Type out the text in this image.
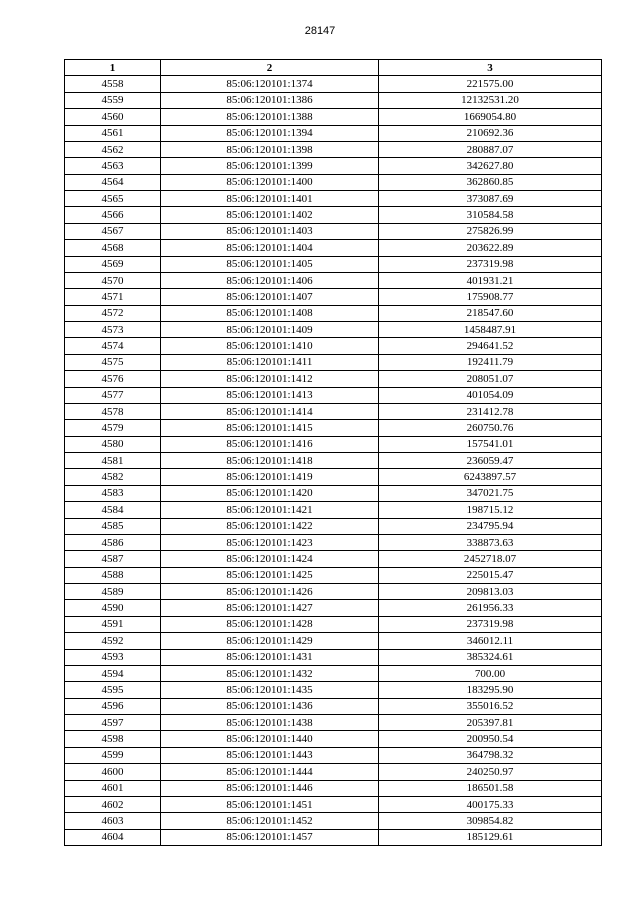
28147
1	2	3
4558	85:06:120101:1374	221575.00
4559	85:06:120101:1386	12132531.20
4560	85:06:120101:1388	1669054.80
4561	85:06:120101:1394	210692.36
4562	85:06:120101:1398	280887.07
4563	85:06:120101:1399	342627.80
4564	85:06:120101:1400	362860.85
4565	85:06:120101:1401	373087.69
4566	85:06:120101:1402	310584.58
4567	85:06:120101:1403	275826.99
4568	85:06:120101:1404	203622.89
4569	85:06:120101:1405	237319.98
4570	85:06:120101:1406	401931.21
4571	85:06:120101:1407	175908.77
4572	85:06:120101:1408	218547.60
4573	85:06:120101:1409	1458487.91
4574	85:06:120101:1410	294641.52
4575	85:06:120101:1411	192411.79
4576	85:06:120101:1412	208051.07
4577	85:06:120101:1413	401054.09
4578	85:06:120101:1414	231412.78
4579	85:06:120101:1415	260750.76
4580	85:06:120101:1416	157541.01
4581	85:06:120101:1418	236059.47
4582	85:06:120101:1419	6243897.57
4583	85:06:120101:1420	347021.75
4584	85:06:120101:1421	198715.12
4585	85:06:120101:1422	234795.94
4586	85:06:120101:1423	338873.63
4587	85:06:120101:1424	2452718.07
4588	85:06:120101:1425	225015.47
4589	85:06:120101:1426	209813.03
4590	85:06:120101:1427	261956.33
4591	85:06:120101:1428	237319.98
4592	85:06:120101:1429	346012.11
4593	85:06:120101:1431	385324.61
4594	85:06:120101:1432	700.00
4595	85:06:120101:1435	183295.90
4596	85:06:120101:1436	355016.52
4597	85:06:120101:1438	205397.81
4598	85:06:120101:1440	200950.54
4599	85:06:120101:1443	364798.32
4600	85:06:120101:1444	240250.97
4601	85:06:120101:1446	186501.58
4602	85:06:120101:1451	400175.33
4603	85:06:120101:1452	309854.82
4604	85:06:120101:1457	185129.61
